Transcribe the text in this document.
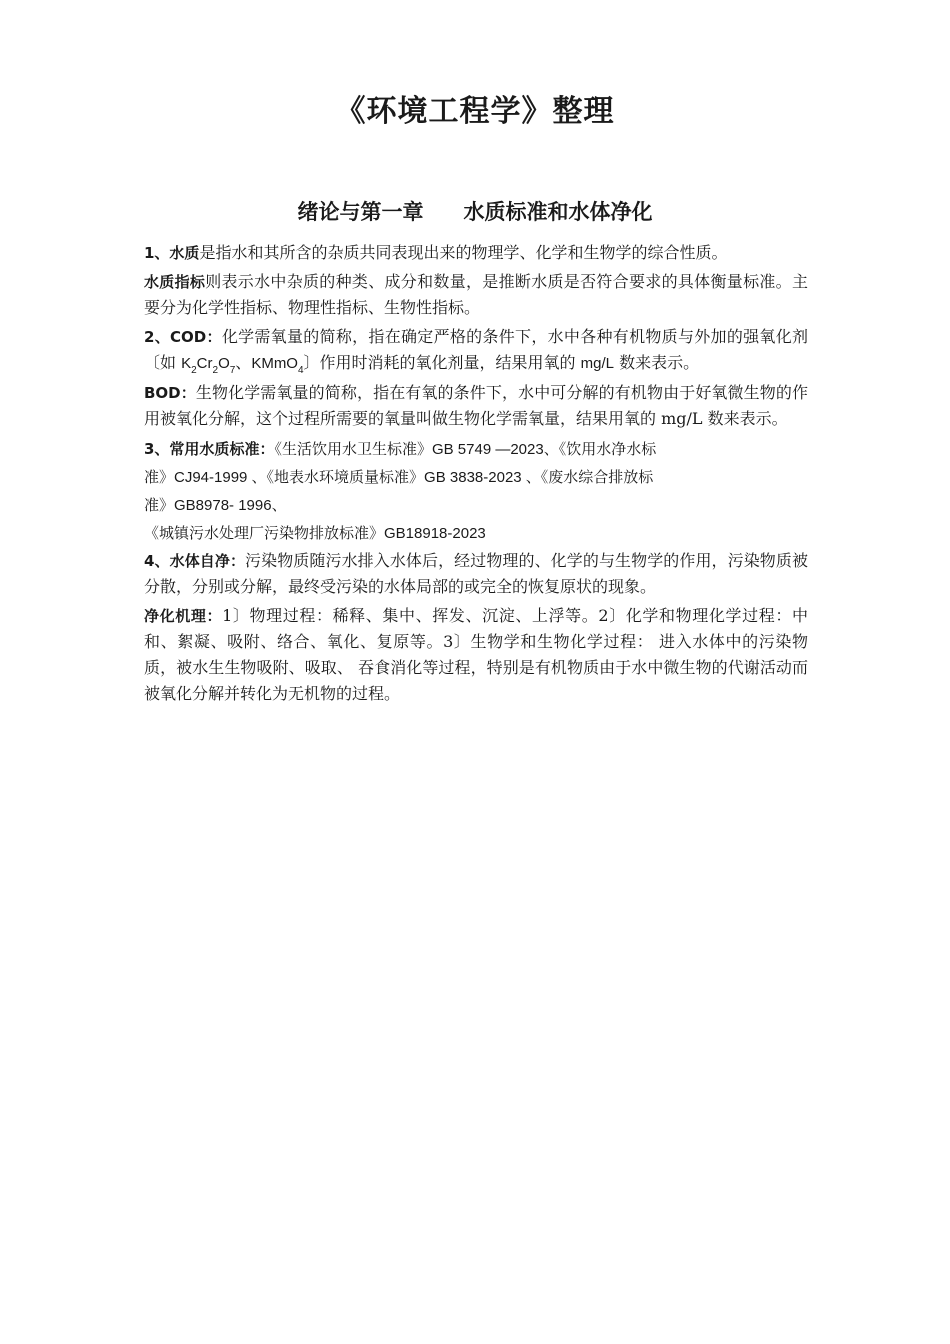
《环境工程学》整理
绪论与第一章 水质标准和水体净化

1、水质是指水和其所含的杂质共同表现出来的物理学、化学和生物学的综合性质。

水质指标则表示水中杂质的种类、成分和数量，是推断水质是否符合要求的具体衡量标准。主要分为化学性指标、物理性指标、生物性指标。

2、COD：化学需氧量的简称，指在确定严格的条件下，水中各种有机物质与外加的强氧化剂〔如 $K_2Cr_2O_7$、KMmO$_4$〕作用时消耗的氧化剂量，结果用氧的 mg/L 数来表示。

BOD：生物化学需氧量的简称，指在有氧的条件下，水中可分解的有机物由于好氧微生物的作用被氧化分解，这个过程所需要的氧量叫做生物化学需氧量，结果用氧的 mg/L 数来表示。

3、常用水质标准：《生活饮用水卫生标准》GB 5749 —2023、《饮用水净水标
准》CJ94-1999 、《地表水环境质量标准》GB 3838-2023 、《废水综合排放标
准》GB8978- 1996、
《城镇污水处理厂污染物排放标准》GB18918-2023

4、水体自净：污染物质随污水排入水体后，经过物理的、化学的与生物学的作用，污染物质被分散，分别或分解，最终受污染的水体局部的或完全的恢复原状的现象。

净化机理：1〕物理过程：稀释、集中、挥发、沉淀、上浮等。2〕化学和物理化学过程：中和、絮凝、吸附、络合、氧化、复原等。3〕生物学和生物化学过程： 进入水体中的污染物质，被水生生物吸附、吸取、 吞食消化等过程，特别是有机物质由于水中微生物的代谢活动而被氧化分解并转化为无机物的过程。
